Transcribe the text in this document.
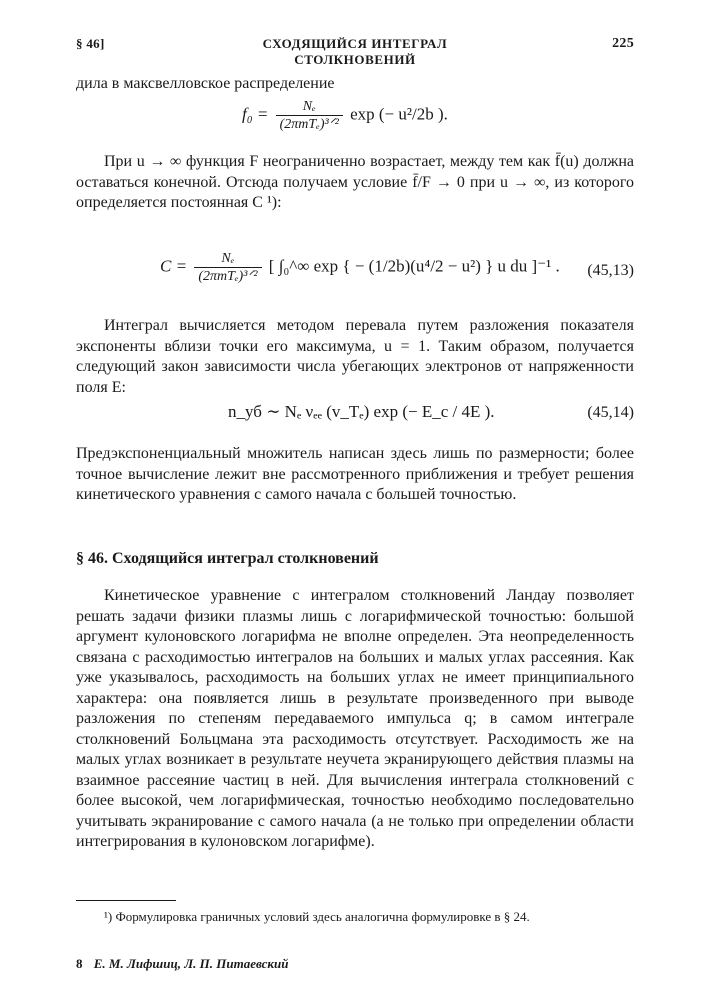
§ 46]	СХОДЯЩИЙСЯ ИНТЕГРАЛ СТОЛКНОВЕНИЙ
225

дила в максвелловское распределение

$f_0 = \frac{\text{Nₑ}}{\text{(2πmTₑ)³ᐟ²}}$ exp (− u²/2b ).

При u → ∞ функция F неограниченно возрастает, между тем как f̄(u) должна оставаться конечной. Отсюда получаем условие f̄/F → 0 при u → ∞, из которого определяется постоянная C ¹):

$C = \frac{\text{Nₑ}}{\text{(2πmTₑ)³ᐟ²}}$ [ ∫₀^∞ exp { − (1/2b)(u⁴/2 − u²) } u du ]⁻¹ .	(45,13)

Интеграл вычисляется методом перевала путем разложения показателя экспоненты вблизи точки его максимума, u = 1. Таким образом, получается следующий закон зависимости числа убегающих электронов от напряженности поля E:

n_уб ∼ Nₑ νₑₑ (v_Tₑ) exp (− E_c / 4E ).	(45,14)

Предэкспоненциальный множитель написан здесь лишь по размерности; более точное вычисление лежит вне рассмотренного приближения и требует решения кинетического уравнения с самого начала с большей точностью.

§ 46. Сходящийся интеграл столкновений

Кинетическое уравнение с интегралом столкновений Ландау позволяет решать задачи физики плазмы лишь с логарифмической точностью: большой аргумент кулоновского логарифма не вполне определен. Эта неопределенность связана с расходимостью интегралов на больших и малых углах рассеяния. Как уже указывалось, расходимость на больших углах не имеет принципиального характера: она появляется лишь в результате произведенного при выводе разложения по степеням передаваемого импульса q; в самом интеграле столкновений Больцмана эта расходимость отсутствует. Расходимость же на малых углах возникает в результате неучета экранирующего действия плазмы на взаимное рассеяние частиц в ней. Для вычисления интеграла столкновений с более высокой, чем логарифмическая, точностью необходимо последовательно учитывать экранирование с самого начала (а не только при определении области интегрирования в кулоновском логарифме).

¹) Формулировка граничных условий здесь аналогична формулировке в § 24.

8 Е. М. Лифшиц, Л. П. Питаевский
